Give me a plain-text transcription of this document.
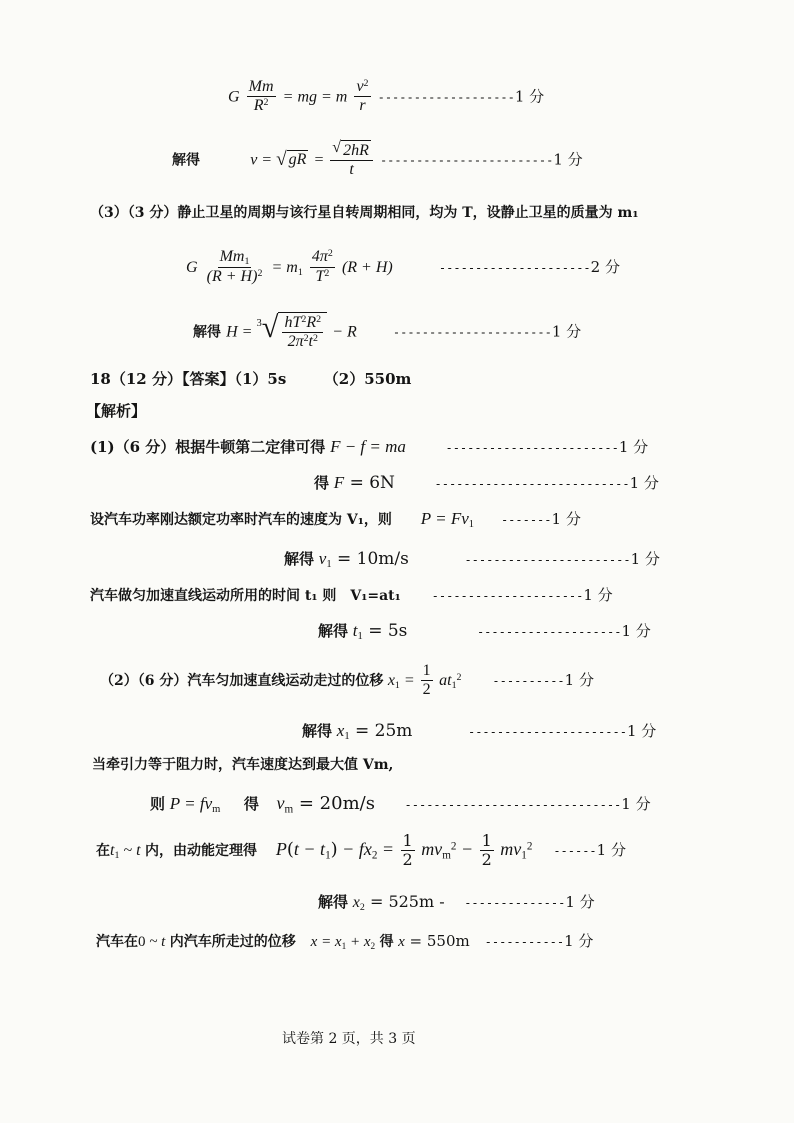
G $\frac{Mm}{R^2}$ = mg = m $\frac{v^2}{r} -------------------1$ 分
解得	v = √ gR = $\frac{√ 2hR}{t} ------------------------1$ 分
（3）（3 分）静止卫星的周期与该行星自转周期相同，均为 T，设静止卫星的质量为 m₁
G $\frac{Mm_1}{(R + H)^2} = m_1 \frac{4\pi^2}{T^2} (R + H)$	---------------------2 分
解得 H =
$^3√ \frac{hT^2R^2}{2\pi^2t^2} - R$	----------------------1 分
18（12 分）【答案】（1）5s　　　（2）550m
【解析】
(1)（6 分）根据牛顿第二定律可得 F − f = ma	------------------------1 分
得 F = 6N	---------------------------1 分
设汽车功率刚达额定功率时汽车的速度为 V₁，则 $P = Fv_1$ -------1 分
解得 $v_1 = 10m/s$	-----------------------1 分
汽车做匀加速直线运动所用的时间 t₁ 则　V₁=at₁	---------------------1 分
解得 $t_1 = 5s$	--------------------1 分
（2）（6 分）汽车匀加速直线运动走过的位移 $x_1 = \frac{1}{2} at_1^2$	----------1 分
解得 $x_1 = 25m$	----------------------1 分
当牵引力等于阻力时，汽车速度达到最大值 Vm,
则 $P = fv_m$ 得 $v_m = 20m/s$ ------------------------------1 分
在$t_1$ ~ t 内，由动能定理得 $P(t - t_1) - fx_2 = \frac{1}{2} mv_m^2 - \frac{1}{2} mv_1^2$ ------1 分
解得 $x_2 = 525m - --------------1$ 分
汽车在0 ~ t 内汽车所走过的位移 $x = x_1 + x_2$ 得 x = 550m -----------1 分
试卷第 2 页，共 3 页
